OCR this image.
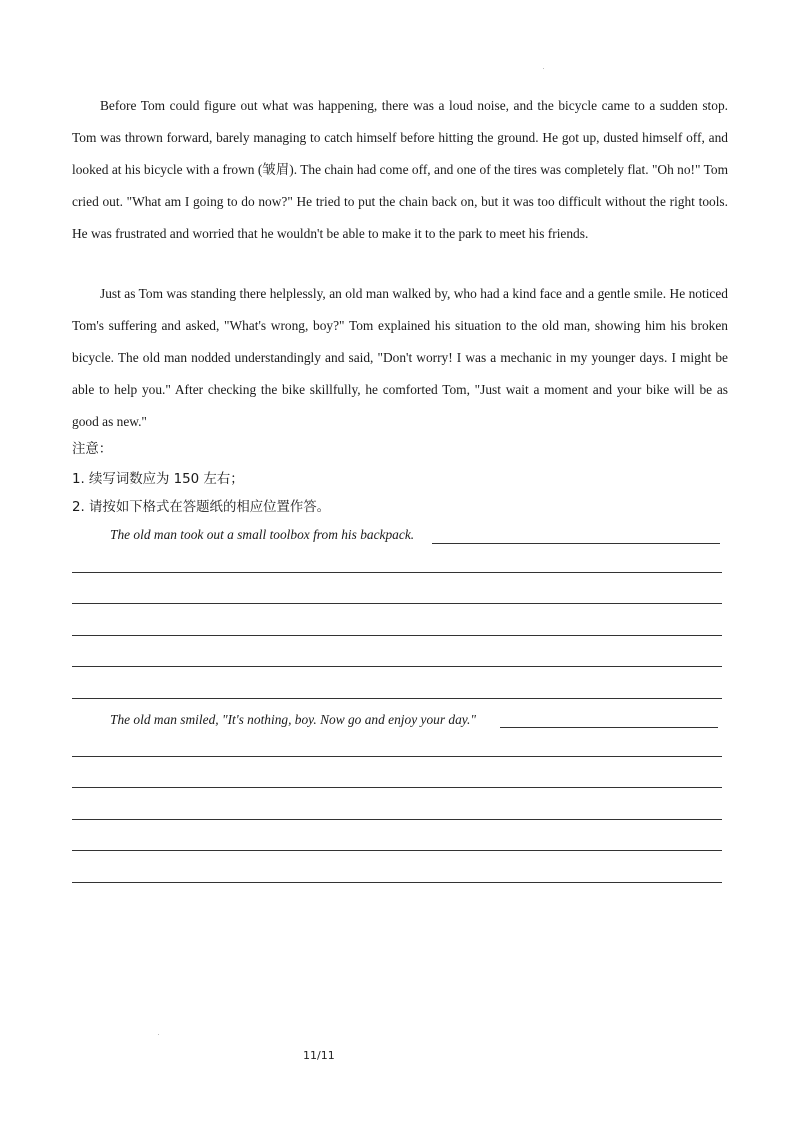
Before Tom could figure out what was happening, there was a loud noise, and the bicycle came to a sudden stop. Tom was thrown forward, barely managing to catch himself before hitting the ground. He got up, dusted himself off, and looked at his bicycle with a frown (皱眉). The chain had come off, and one of the tires was completely flat. "Oh no!" Tom cried out. "What am I going to do now?" He tried to put the chain back on, but it was too difficult without the right tools. He was frustrated and worried that he wouldn't be able to make it to the park to meet his friends.

Just as Tom was standing there helplessly, an old man walked by, who had a kind face and a gentle smile. He noticed Tom's suffering and asked, "What's wrong, boy?" Tom explained his situation to the old man, showing him his broken bicycle. The old man nodded understandingly and said, "Don't worry! I was a mechanic in my younger days. I might be able to help you." After checking the bike skillfully, he comforted Tom, "Just wait a moment and your bike will be as good as new."

注意：
1. 续写词数应为 150 左右；
2. 请按如下格式在答题纸的相应位置作答。
The old man took out a small toolbox from his backpack.
The old man smiled, "It's nothing, boy. Now go and enjoy your day."
11/11
